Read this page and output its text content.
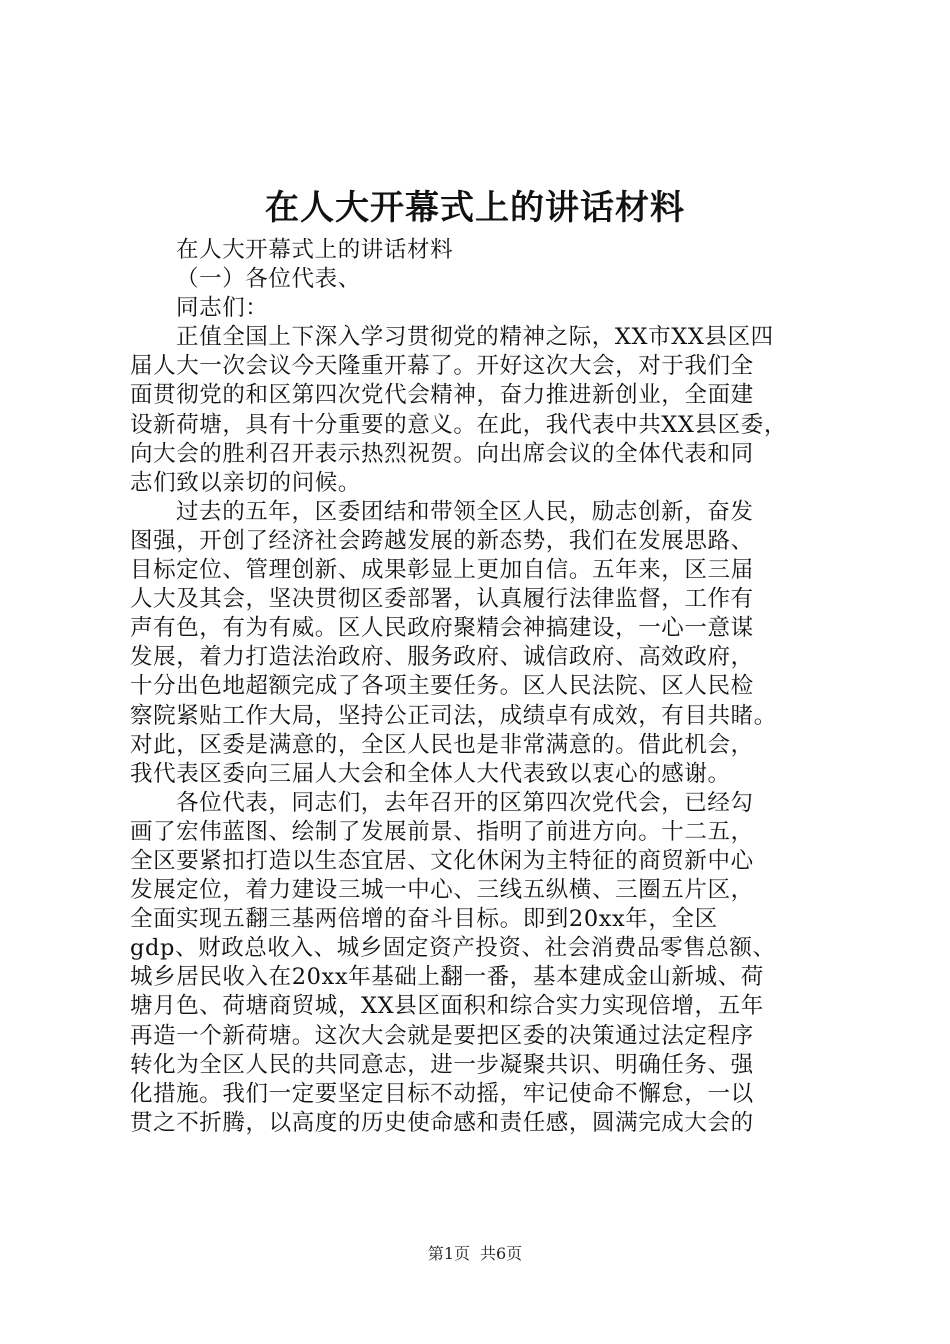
在人大开幕式上的讲话材料
在人大开幕式上的讲话材料
（一）各位代表、
同志们：
正值全国上下深入学习贯彻党的精神之际，XX市XX县区四
届人大一次会议今天隆重开幕了。开好这次大会，对于我们全
面贯彻党的和区第四次党代会精神，奋力推进新创业，全面建
设新荷塘，具有十分重要的意义。在此，我代表中共XX县区委，
向大会的胜利召开表示热烈祝贺。向出席会议的全体代表和同
志们致以亲切的问候。
过去的五年，区委团结和带领全区人民，励志创新，奋发
图强，开创了经济社会跨越发展的新态势，我们在发展思路、
目标定位、管理创新、成果彰显上更加自信。五年来，区三届
人大及其会，坚决贯彻区委部署，认真履行法律监督，工作有
声有色，有为有威。区人民政府聚精会神搞建设，一心一意谋
发展，着力打造法治政府、服务政府、诚信政府、高效政府，
十分出色地超额完成了各项主要任务。区人民法院、区人民检
察院紧贴工作大局，坚持公正司法，成绩卓有成效，有目共睹。
对此，区委是满意的，全区人民也是非常满意的。借此机会，
我代表区委向三届人大会和全体人大代表致以衷心的感谢。
各位代表，同志们，去年召开的区第四次党代会，已经勾
画了宏伟蓝图、绘制了发展前景、指明了前进方向。十二五，
全区要紧扣打造以生态宜居、文化休闲为主特征的商贸新中心
发展定位，着力建设三城一中心、三线五纵横、三圈五片区，
全面实现五翻三基两倍增的奋斗目标。即到20xx年，全区
gdp、财政总收入、城乡固定资产投资、社会消费品零售总额、
城乡居民收入在20xx年基础上翻一番，基本建成金山新城、荷
塘月色、荷塘商贸城，XX县区面积和综合实力实现倍增，五年
再造一个新荷塘。这次大会就是要把区委的决策通过法定程序
转化为全区人民的共同意志，进一步凝聚共识、明确任务、强
化措施。我们一定要坚定目标不动摇，牢记使命不懈怠，一以
贯之不折腾，以高度的历史使命感和责任感，圆满完成大会的
第1页 共6页
